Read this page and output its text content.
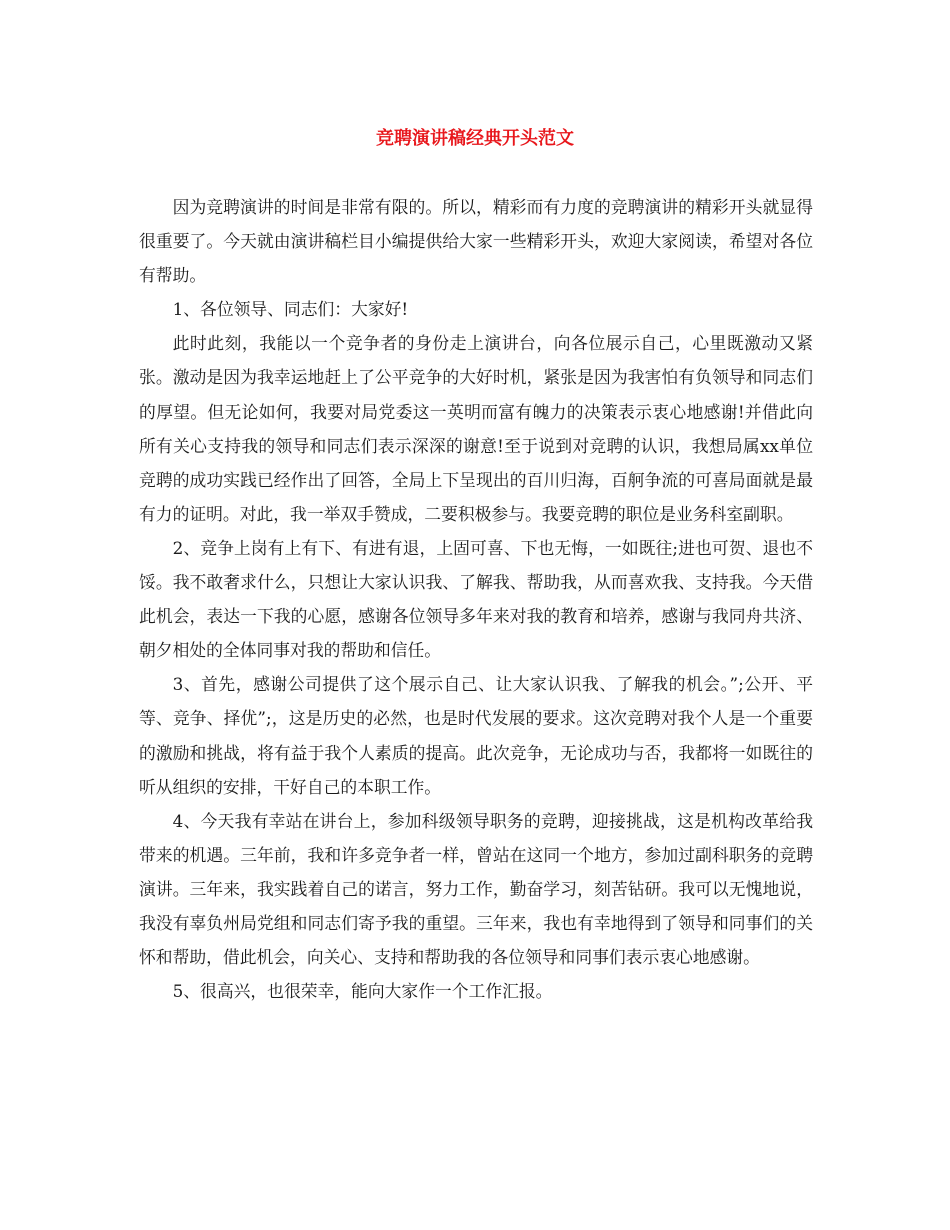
竞聘演讲稿经典开头范文

因为竞聘演讲的时间是非常有限的。所以，精彩而有力度的竞聘演讲的精彩开头就显得很重要了。今天就由演讲稿栏目小编提供给大家一些精彩开头，欢迎大家阅读，希望对各位有帮助。

1、各位领导、同志们：大家好!

此时此刻，我能以一个竞争者的身份走上演讲台，向各位展示自己，心里既激动又紧张。激动是因为我幸运地赶上了公平竞争的大好时机，紧张是因为我害怕有负领导和同志们的厚望。但无论如何，我要对局党委这一英明而富有魄力的决策表示衷心地感谢!并借此向所有关心支持我的领导和同志们表示深深的谢意!至于说到对竞聘的认识，我想局属xx单位竞聘的成功实践已经作出了回答，全局上下呈现出的百川归海，百舸争流的可喜局面就是最有力的证明。对此，我一举双手赞成，二要积极参与。我要竞聘的职位是业务科室副职。

2、竞争上岗有上有下、有进有退，上固可喜、下也无悔，一如既往;进也可贺、退也不馁。我不敢奢求什么，只想让大家认识我、了解我、帮助我，从而喜欢我、支持我。今天借此机会，表达一下我的心愿，感谢各位领导多年来对我的教育和培养，感谢与我同舟共济、朝夕相处的全体同事对我的帮助和信任。

3、首先，感谢公司提供了这个展示自己、让大家认识我、了解我的机会。”;公开、平等、竞争、择优”;，这是历史的必然，也是时代发展的要求。这次竞聘对我个人是一个重要的激励和挑战，将有益于我个人素质的提高。此次竞争，无论成功与否，我都将一如既往的听从组织的安排，干好自己的本职工作。

4、今天我有幸站在讲台上，参加科级领导职务的竞聘，迎接挑战，这是机构改革给我带来的机遇。三年前，我和许多竞争者一样，曾站在这同一个地方，参加过副科职务的竞聘演讲。三年来，我实践着自己的诺言，努力工作，勤奋学习，刻苦钻研。我可以无愧地说，我没有辜负州局党组和同志们寄予我的重望。三年来，我也有幸地得到了领导和同事们的关怀和帮助，借此机会，向关心、支持和帮助我的各位领导和同事们表示衷心地感谢。

5、很高兴，也很荣幸，能向大家作一个工作汇报。
